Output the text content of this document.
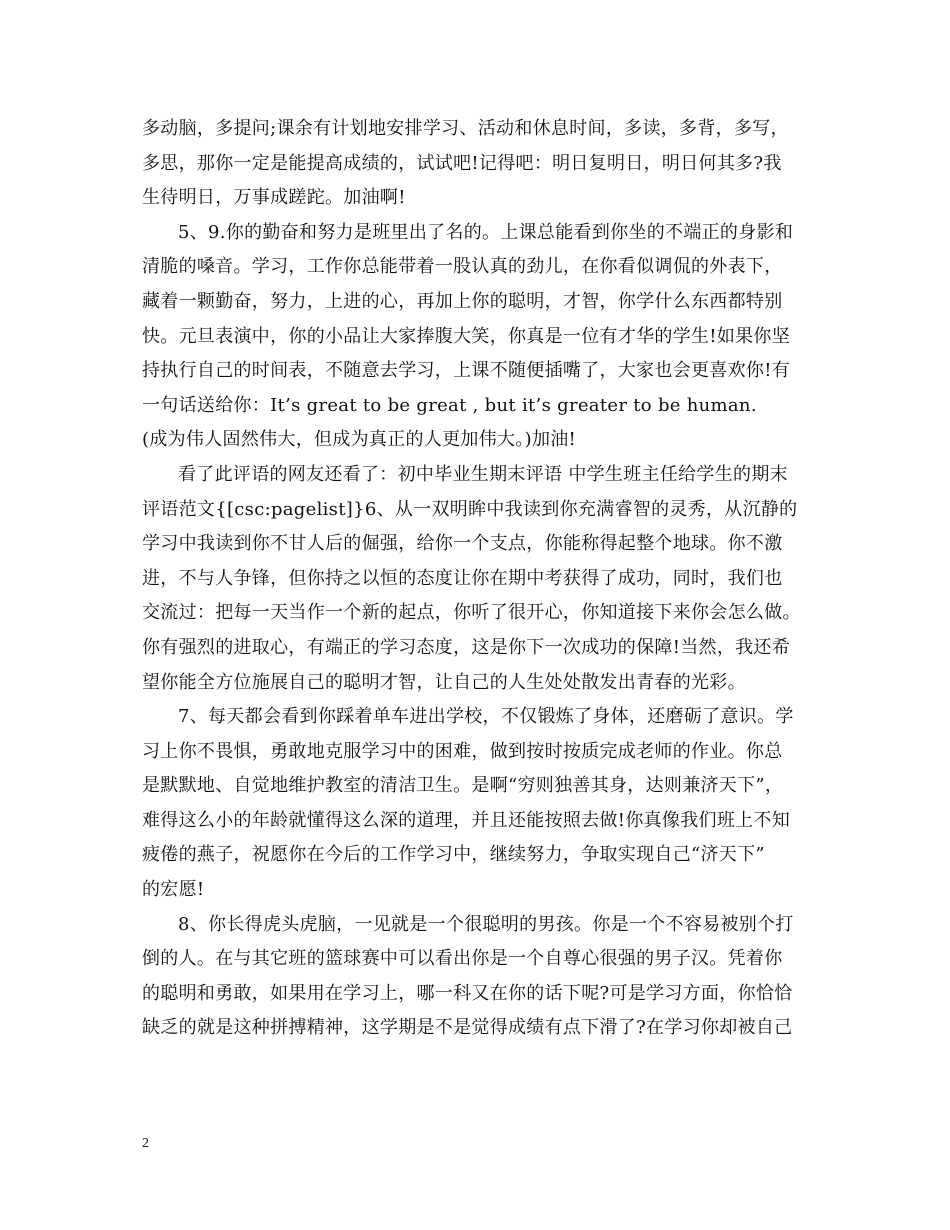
多动脑，多提问;课余有计划地安排学习、活动和休息时间，多读，多背，多写，
多思，那你一定是能提高成绩的，试试吧!记得吧：明日复明日，明日何其多?我
生待明日，万事成蹉跎。加油啊!
5、9.你的勤奋和努力是班里出了名的。上课总能看到你坐的不端正的身影和
清脆的嗓音。学习，工作你总能带着一股认真的劲儿，在你看似调侃的外表下，
藏着一颗勤奋，努力，上进的心，再加上你的聪明，才智，你学什么东西都特别
快。元旦表演中，你的小品让大家捧腹大笑，你真是一位有才华的学生!如果你坚
持执行自己的时间表，不随意去学习，上课不随便插嘴了，大家也会更喜欢你!有
一句话送给你：It’s great to be great , but it’s greater to be human.
(成为伟人固然伟大，但成为真正的人更加伟大。)加油!
看了此评语的网友还看了：初中毕业生期末评语 中学生班主任给学生的期末
评语范文{[csc:pagelist]}6、从一双明眸中我读到你充满睿智的灵秀，从沉静的
学习中我读到你不甘人后的倔强，给你一个支点，你能称得起整个地球。你不激
进，不与人争锋，但你持之以恒的态度让你在期中考获得了成功，同时，我们也
交流过：把每一天当作一个新的起点，你听了很开心，你知道接下来你会怎么做。
你有强烈的进取心，有端正的学习态度，这是你下一次成功的保障!当然，我还希
望你能全方位施展自己的聪明才智，让自己的人生处处散发出青春的光彩。
7、每天都会看到你踩着单车进出学校，不仅锻炼了身体，还磨砺了意识。学
习上你不畏惧，勇敢地克服学习中的困难，做到按时按质完成老师的作业。你总
是默默地、自觉地维护教室的清洁卫生。是啊“穷则独善其身，达则兼济天下”，
难得这么小的年龄就懂得这么深的道理，并且还能按照去做!你真像我们班上不知
疲倦的燕子，祝愿你在今后的工作学习中，继续努力，争取实现自己“济天下”
的宏愿!
8、你长得虎头虎脑，一见就是一个很聪明的男孩。你是一个不容易被别个打
倒的人。在与其它班的篮球赛中可以看出你是一个自尊心很强的男子汉。凭着你
的聪明和勇敢，如果用在学习上，哪一科又在你的话下呢?可是学习方面，你恰恰
缺乏的就是这种拼搏精神，这学期是不是觉得成绩有点下滑了?在学习你却被自己
2
